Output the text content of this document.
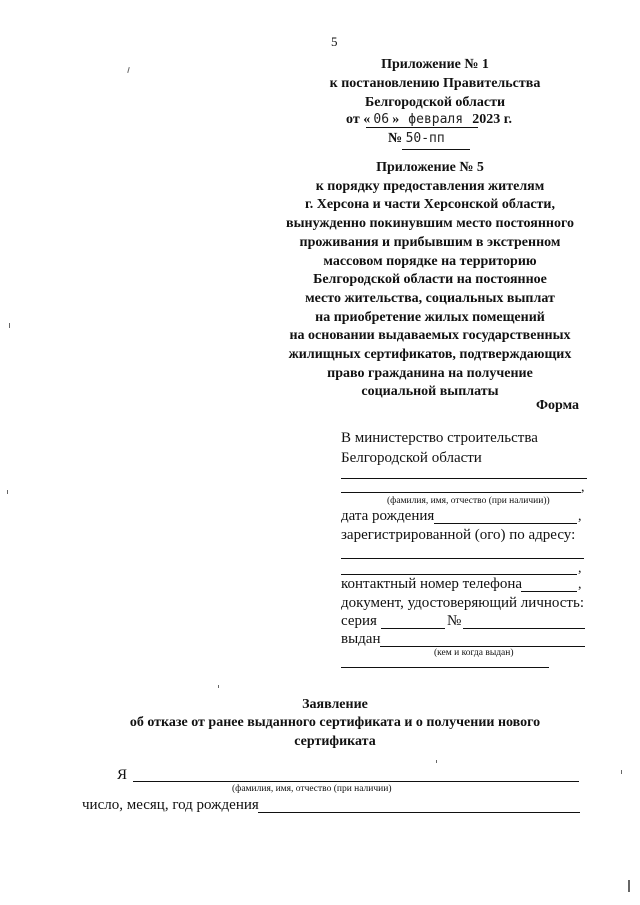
5
Приложение № 1
к постановлению Правительства
Белгородской области
от « 06 » февраля 2023 г.
№ 50-пп
Приложение № 5
к порядку предоставления жителям
г. Херсона и части Херсонской области,
вынужденно покинувшим место постоянного
проживания и прибывшим в экстренном
массовом порядке на территорию
Белгородской области на постоянное
место жительства, социальных выплат
на приобретение жилых помещений
на основании выдаваемых государственных
жилищных сертификатов, подтверждающих
право гражданина на получение
социальной выплаты
Форма
В министерство строительства
Белгородской области
,
(фамилия, имя, отчество (при наличии))
дата рождения	,
зарегистрированной (ого) по адресу:
,
контактный номер телефона	,
документ, удостоверяющий личность:
серия	№
выдан
(кем и когда выдан)
Заявление
об отказе от ранее выданного сертификата и о получении нового
сертификата
Я
(фамилия, имя, отчество (при наличии)
число, месяц, год рождения
